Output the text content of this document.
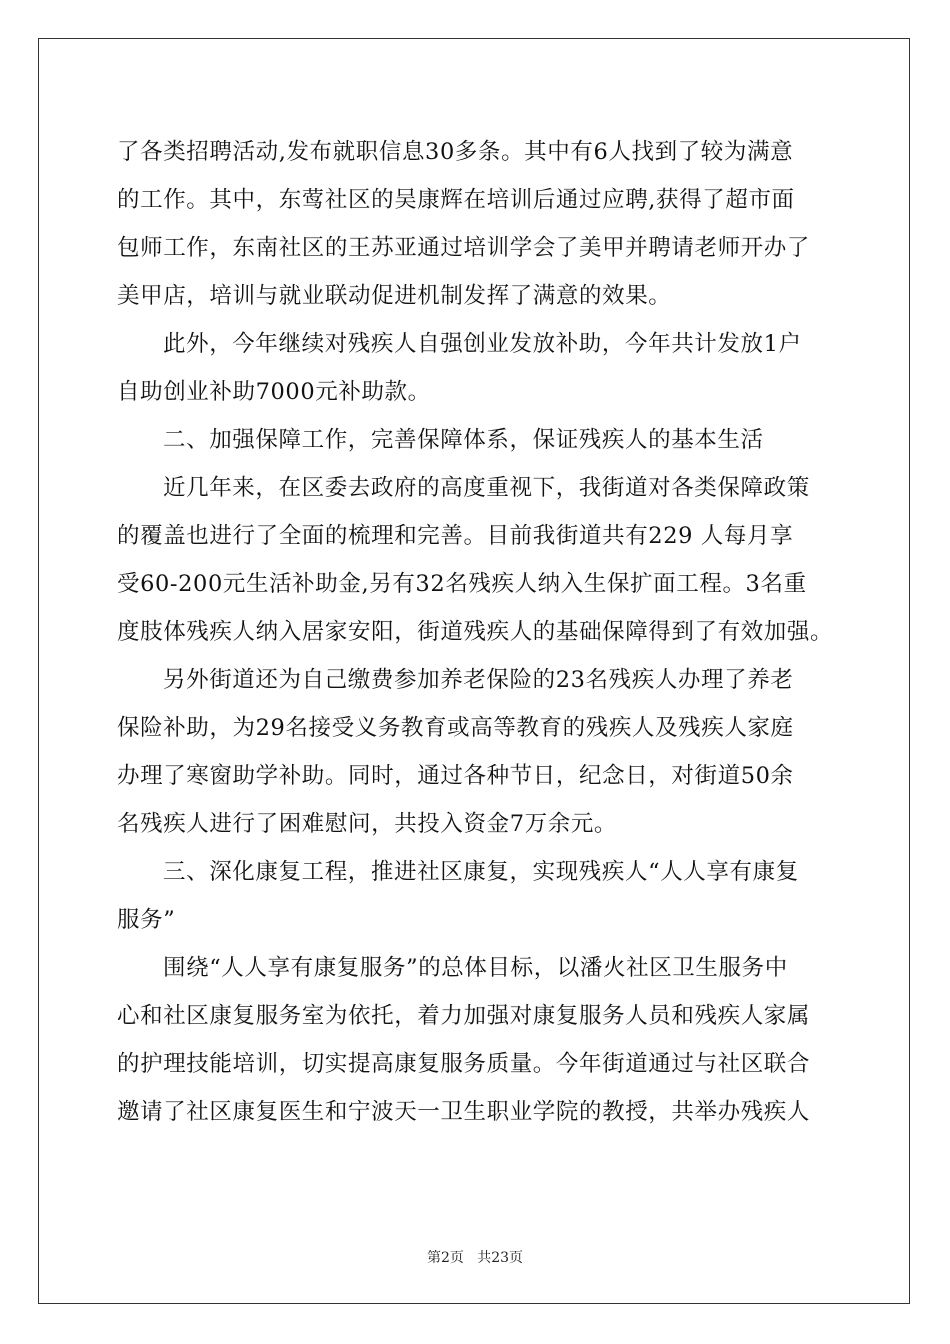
了各类招聘活动,发布就职信息30多条。其中有6人找到了较为满意
的工作。其中，东莺社区的吴康辉在培训后通过应聘,获得了超市面
包师工作，东南社区的王苏亚通过培训学会了美甲并聘请老师开办了
美甲店，培训与就业联动促进机制发挥了满意的效果。
此外，今年继续对残疾人自强创业发放补助，今年共计发放1户
自助创业补助7000元补助款。
二、加强保障工作，完善保障体系，保证残疾人的基本生活
近几年来，在区委去政府的高度重视下，我街道对各类保障政策
的覆盖也进行了全面的梳理和完善。目前我街道共有229 人每月享
受60-200元生活补助金,另有32名残疾人纳入生保扩面工程。3名重
度肢体残疾人纳入居家安阳，街道残疾人的基础保障得到了有效加强。
另外街道还为自己缴费参加养老保险的23名残疾人办理了养老
保险补助，为29名接受义务教育或高等教育的残疾人及残疾人家庭
办理了寒窗助学补助。同时，通过各种节日，纪念日，对街道50余
名残疾人进行了困难慰问，共投入资金7万余元。
三、深化康复工程，推进社区康复，实现残疾人“人人享有康复
服务”
围绕“人人享有康复服务”的总体目标，以潘火社区卫生服务中
心和社区康复服务室为依托，着力加强对康复服务人员和残疾人家属
的护理技能培训，切实提高康复服务质量。今年街道通过与社区联合
邀请了社区康复医生和宁波天一卫生职业学院的教授，共举办残疾人
第2页   共23页
